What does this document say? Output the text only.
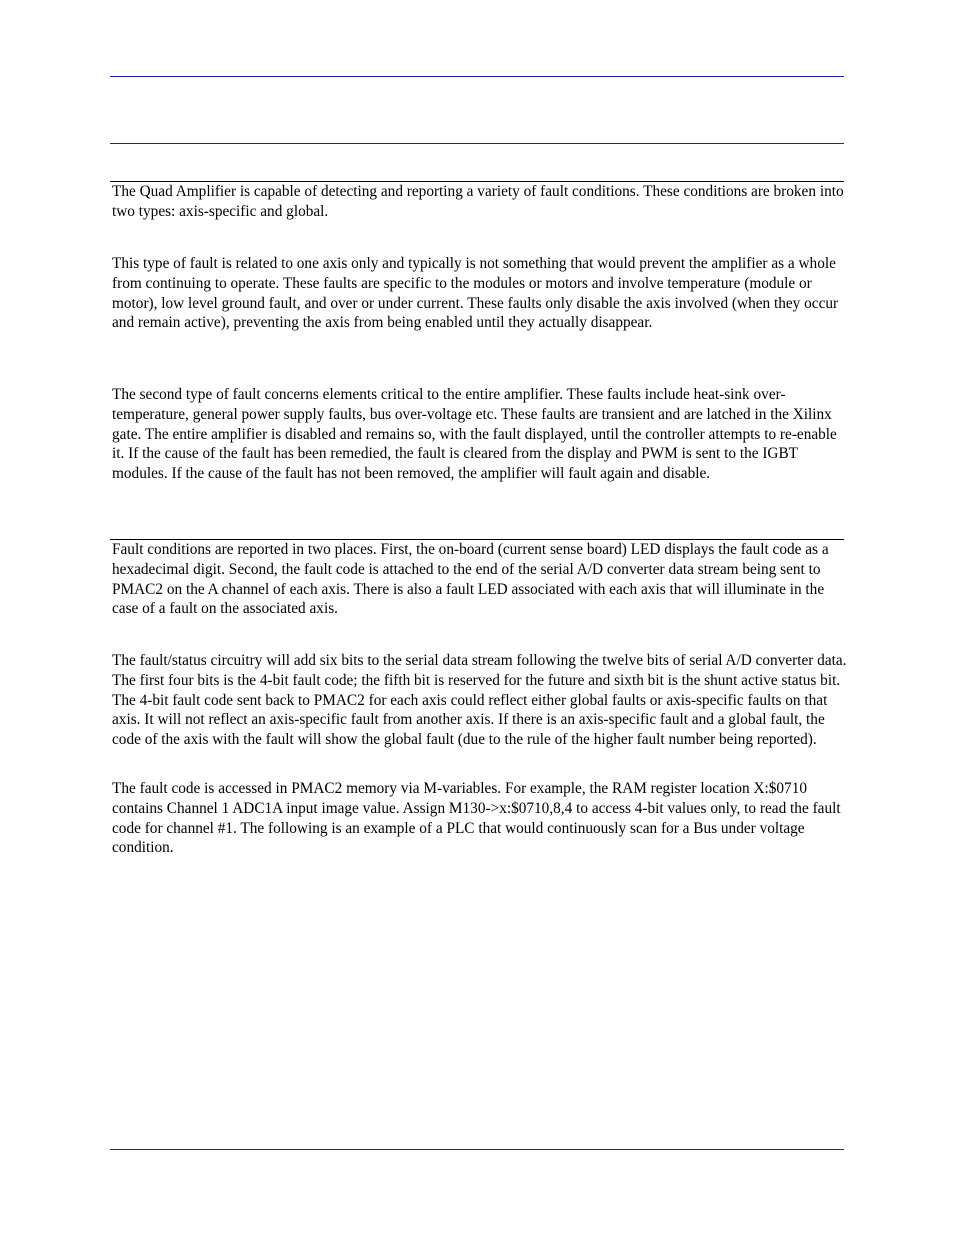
The Quad Amplifier is capable of detecting and reporting a variety of fault conditions. These conditions are broken into two types: axis-specific and global.

This type of fault is related to one axis only and typically is not something that would prevent the amplifier as a whole from continuing to operate. These faults are specific to the modules or motors and involve temperature (module or motor), low level ground fault, and over or under current. These faults only disable the axis involved (when they occur and remain active), preventing the axis from being enabled until they actually disappear.

The second type of fault concerns elements critical to the entire amplifier. These faults include heat-sink over-temperature, general power supply faults, bus over-voltage etc. These faults are transient and are latched in the Xilinx gate. The entire amplifier is disabled and remains so, with the fault displayed, until the controller attempts to re-enable it. If the cause of the fault has been remedied, the fault is cleared from the display and PWM is sent to the IGBT modules. If the cause of the fault has not been removed, the amplifier will fault again and disable.

Fault conditions are reported in two places. First, the on-board (current sense board) LED displays the fault code as a hexadecimal digit. Second, the fault code is attached to the end of the serial A/D converter data stream being sent to PMAC2 on the A channel of each axis. There is also a fault LED associated with each axis that will illuminate in the case of a fault on the associated axis.

The fault/status circuitry will add six bits to the serial data stream following the twelve bits of serial A/D converter data. The first four bits is the 4-bit fault code; the fifth bit is reserved for the future and sixth bit is the shunt active status bit. The 4-bit fault code sent back to PMAC2 for each axis could reflect either global faults or axis-specific faults on that axis. It will not reflect an axis-specific fault from another axis. If there is an axis-specific fault and a global fault, the code of the axis with the fault will show the global fault (due to the rule of the higher fault number being reported).

The fault code is accessed in PMAC2 memory via M-variables. For example, the RAM register location X:$0710 contains Channel 1 ADC1A input image value. Assign M130->x:$0710,8,4 to access 4-bit values only, to read the fault code for channel #1. The following is an example of a PLC that would continuously scan for a Bus under voltage condition.
